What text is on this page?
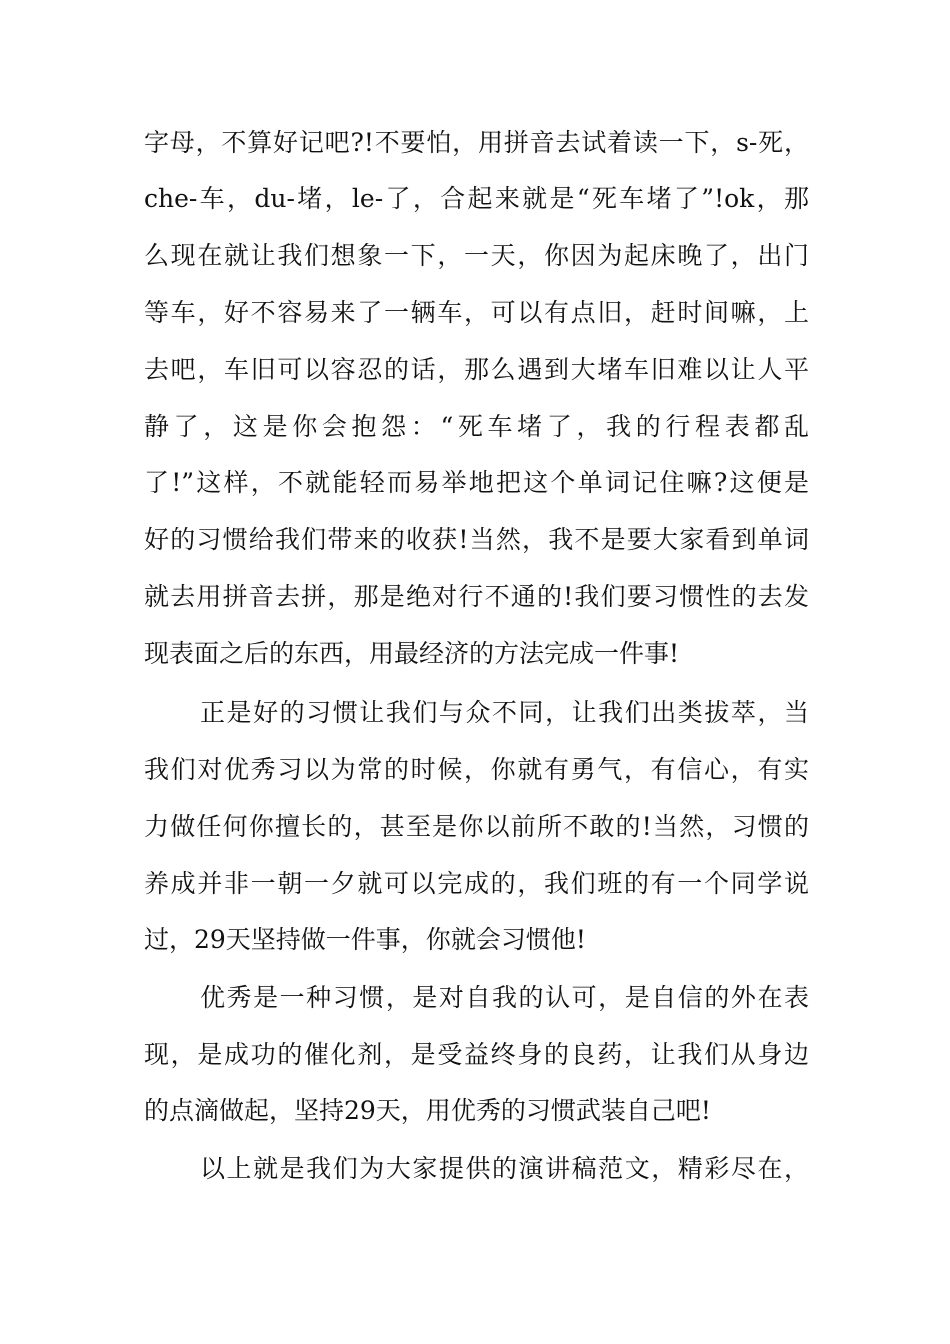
字母，不算好记吧?!不要怕，用拼音去试着读一下，s-死，
che-车，du-堵，le-了，合起来就是“死车堵了”!ok，那
么现在就让我们想象一下，一天，你因为起床晚了，出门
等车，好不容易来了一辆车，可以有点旧，赶时间嘛，上
去吧，车旧可以容忍的话，那么遇到大堵车旧难以让人平
静了，这是你会抱怨：“死车堵了，我的行程表都乱
了!”这样，不就能轻而易举地把这个单词记住嘛?这便是
好的习惯给我们带来的收获!当然，我不是要大家看到单词
就去用拼音去拼，那是绝对行不通的!我们要习惯性的去发
现表面之后的东西，用最经济的方法完成一件事!
正是好的习惯让我们与众不同，让我们出类拔萃，当
我们对优秀习以为常的时候，你就有勇气，有信心，有实
力做任何你擅长的，甚至是你以前所不敢的!当然，习惯的
养成并非一朝一夕就可以完成的，我们班的有一个同学说
过，29天坚持做一件事，你就会习惯他!
优秀是一种习惯，是对自我的认可，是自信的外在表
现，是成功的催化剂，是受益终身的良药，让我们从身边
的点滴做起，坚持29天，用优秀的习惯武装自己吧!
以上就是我们为大家提供的演讲稿范文，精彩尽在，
